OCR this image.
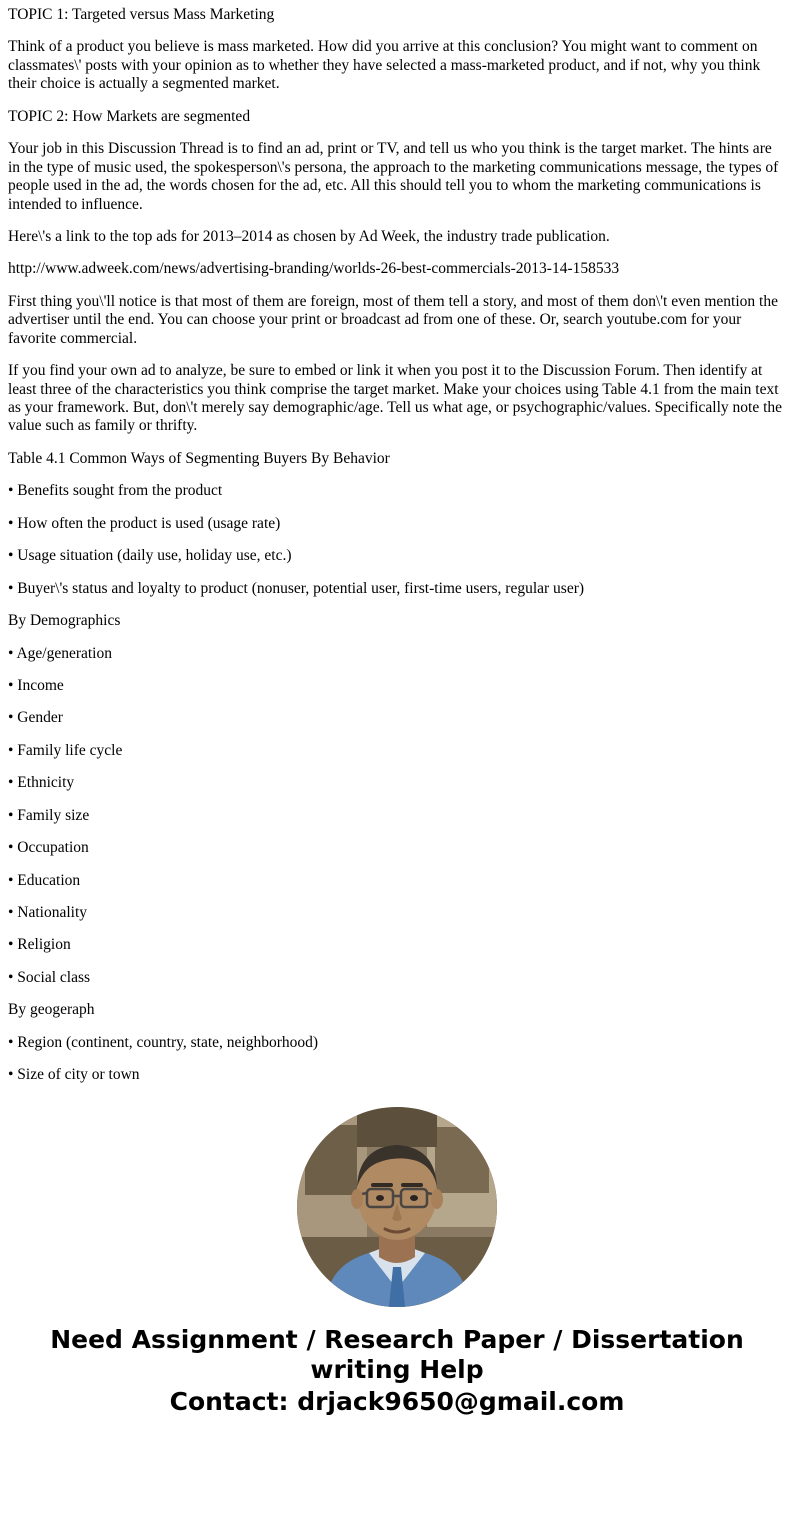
TOPIC 1: Targeted versus Mass Marketing

Think of a product you believe is mass marketed. How did you arrive at this conclusion? You might want to comment on classmates\' posts with your opinion as to whether they have selected a mass-marketed product, and if not, why you think their choice is actually a segmented market.

TOPIC 2: How Markets are segmented

Your job in this Discussion Thread is to find an ad, print or TV, and tell us who you think is the target market. The hints are in the type of music used, the spokesperson\'s persona, the approach to the marketing communications message, the types of people used in the ad, the words chosen for the ad, etc. All this should tell you to whom the marketing communications is intended to influence.

Here\'s a link to the top ads for 2013–2014 as chosen by Ad Week, the industry trade publication.

http://www.adweek.com/news/advertising-branding/worlds-26-best-commercials-2013-14-158533

First thing you\'ll notice is that most of them are foreign, most of them tell a story, and most of them don\'t even mention the advertiser until the end. You can choose your print or broadcast ad from one of these. Or, search youtube.com for your favorite commercial.

If you find your own ad to analyze, be sure to embed or link it when you post it to the Discussion Forum. Then identify at least three of the characteristics you think comprise the target market. Make your choices using Table 4.1 from the main text as your framework. But, don\'t merely say demographic/age. Tell us what age, or psychographic/values. Specifically note the value such as family or thrifty.

Table 4.1 Common Ways of Segmenting Buyers By Behavior

• Benefits sought from the product

• How often the product is used (usage rate)

• Usage situation (daily use, holiday use, etc.)

• Buyer\'s status and loyalty to product (nonuser, potential user, first-time users, regular user)

By Demographics

• Age/generation

• Income

• Gender

• Family life cycle

• Ethnicity

• Family size

• Occupation

• Education

• Nationality

• Religion

• Social class

By geogeraph

• Region (continent, country, state, neighborhood)

• Size of city or town

Need Assignment / Research Paper / Dissertation writing Help
Contact: drjack9650@gmail.com
